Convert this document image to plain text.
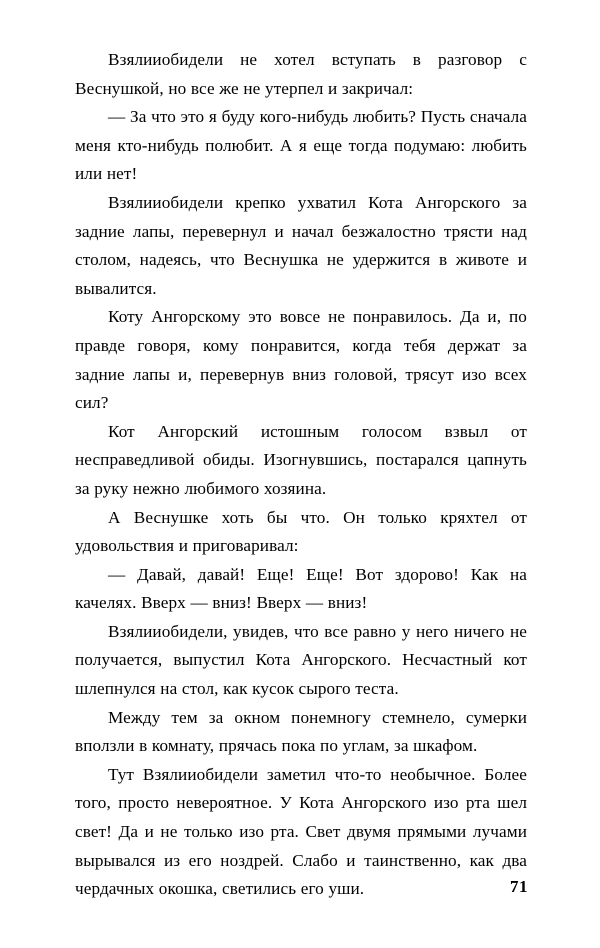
Взялииобидели не хотел вступать в разговор с Веснушкой, но все же не утерпел и закричал:

— За что это я буду кого-нибудь любить? Пусть сначала меня кто-нибудь полюбит. А я еще тогда подумаю: любить или нет!

Взялииобидели крепко ухватил Кота Ангорского за задние лапы, перевернул и начал безжалостно трясти над столом, надеясь, что Веснушка не удержится в животе и вывалится.

Коту Ангорскому это вовсе не понравилось. Да и, по правде говоря, кому понравится, когда тебя держат за задние лапы и, перевернув вниз головой, трясут изо всех сил?

Кот Ангорский истошным голосом взвыл от несправедливой обиды. Изогнувшись, постарался цапнуть за руку нежно любимого хозяина.

А Веснушке хоть бы что. Он только кряхтел от удовольствия и приговаривал:

— Давай, давай! Еще! Еще! Вот здорово! Как на качелях. Вверх — вниз! Вверх — вниз!

Взялииобидели, увидев, что все равно у него ничего не получается, выпустил Кота Ангорского. Несчастный кот шлепнулся на стол, как кусок сырого теста.

Между тем за окном понемногу стемнело, сумерки вползли в комнату, прячась пока по углам, за шкафом.

Тут Взялииобидели заметил что-то необычное. Более того, просто невероятное. У Кота Ангорского изо рта шел свет! Да и не только изо рта. Свет двумя прямыми лучами вырывался из его ноздрей. Слабо и таинственно, как два чердачных окошка, светились его уши.	71
